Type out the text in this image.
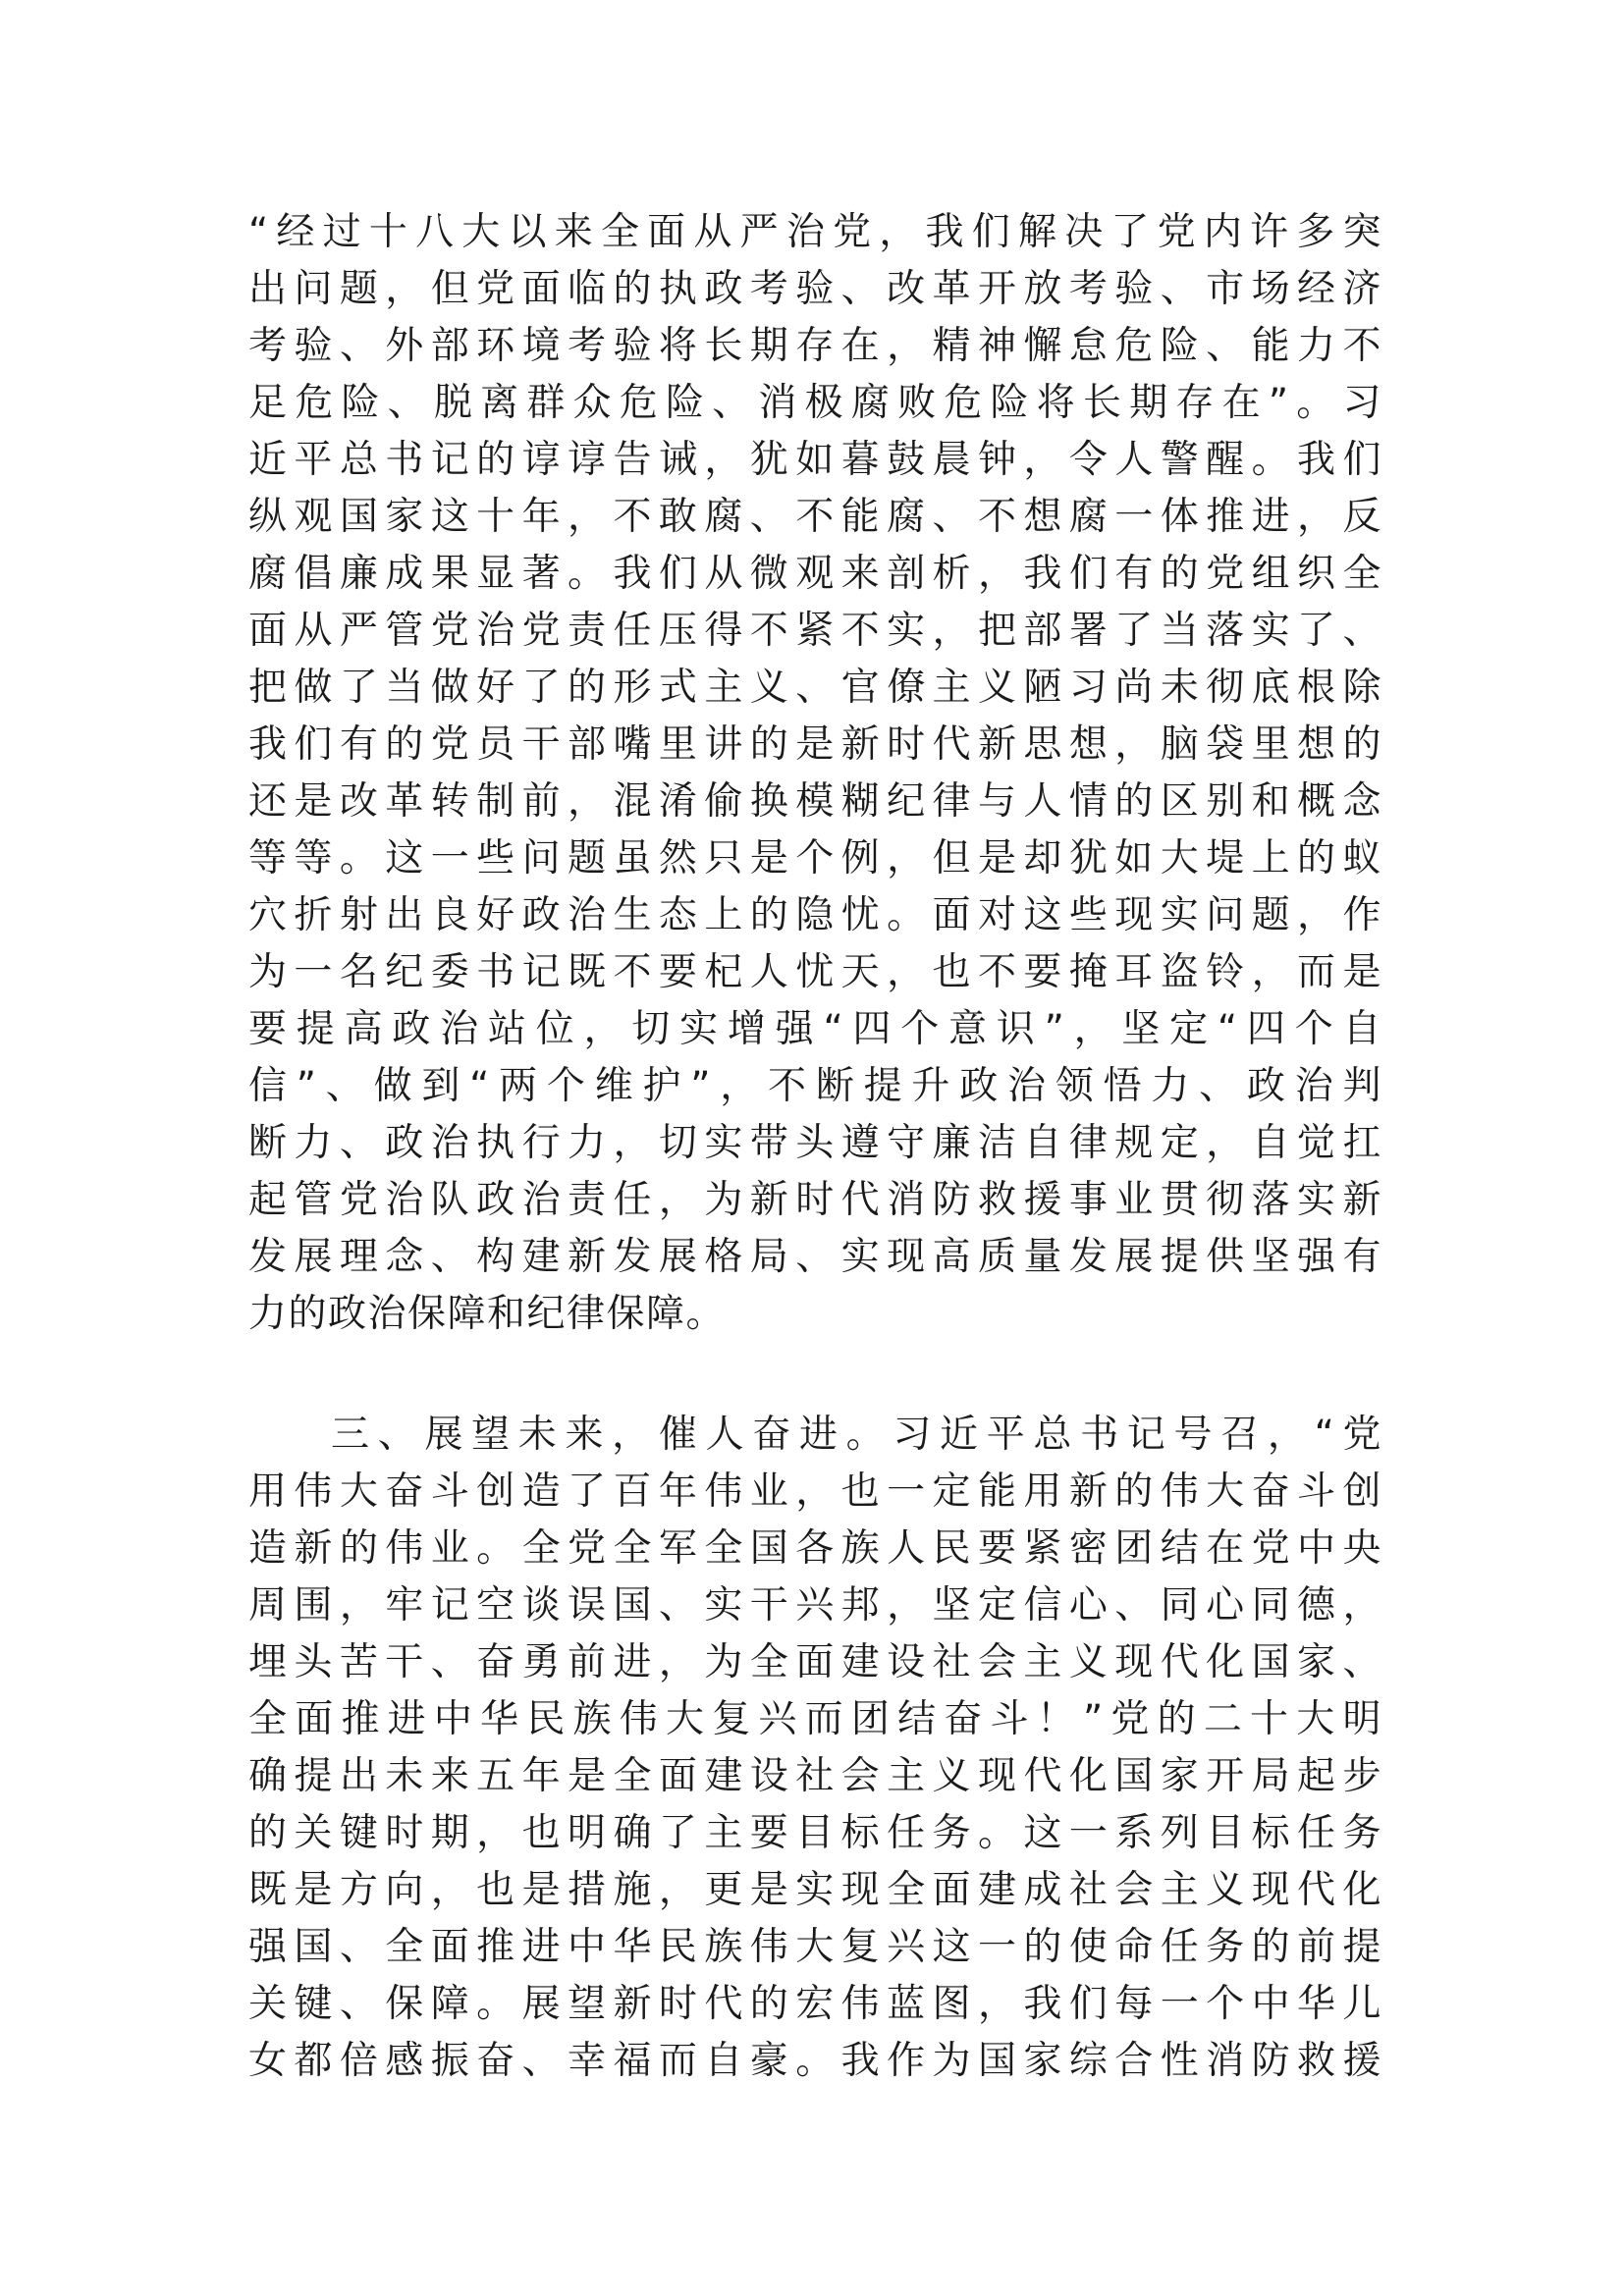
“经过十八大以来全面从严治党，我们解决了党内许多突
出问题，但党面临的执政考验、改革开放考验、市场经济
考验、外部环境考验将长期存在，精神懈怠危险、能力不
足危险、脱离群众危险、消极腐败危险将长期存在”。习
近平总书记的谆谆告诫，犹如暮鼓晨钟，令人警醒。我们
纵观国家这十年，不敢腐、不能腐、不想腐一体推进，反
腐倡廉成果显著。我们从微观来剖析，我们有的党组织全
面从严管党治党责任压得不紧不实，把部署了当落实了、
把做了当做好了的形式主义、官僚主义陋习尚未彻底根除
我们有的党员干部嘴里讲的是新时代新思想，脑袋里想的
还是改革转制前，混淆偷换模糊纪律与人情的区别和概念
等等。这一些问题虽然只是个例，但是却犹如大堤上的蚁
穴折射出良好政治生态上的隐忧。面对这些现实问题，作
为一名纪委书记既不要杞人忧天，也不要掩耳盗铃，而是
要提高政治站位，切实增强“四个意识”，坚定“四个自
信”、做到“两个维护”，不断提升政治领悟力、政治判
断力、政治执行力，切实带头遵守廉洁自律规定，自觉扛
起管党治队政治责任，为新时代消防救援事业贯彻落实新
发展理念、构建新发展格局、实现高质量发展提供坚强有
力的政治保障和纪律保障。
三、展望未来，催人奋进。习近平总书记号召，“党
用伟大奋斗创造了百年伟业，也一定能用新的伟大奋斗创
造新的伟业。全党全军全国各族人民要紧密团结在党中央
周围，牢记空谈误国、实干兴邦，坚定信心、同心同德，
埋头苦干、奋勇前进，为全面建设社会主义现代化国家、
全面推进中华民族伟大复兴而团结奋斗！”党的二十大明
确提出未来五年是全面建设社会主义现代化国家开局起步
的关键时期，也明确了主要目标任务。这一系列目标任务
既是方向，也是措施，更是实现全面建成社会主义现代化
强国、全面推进中华民族伟大复兴这一的使命任务的前提
关键、保障。展望新时代的宏伟蓝图，我们每一个中华儿
女都倍感振奋、幸福而自豪。我作为国家综合性消防救援
